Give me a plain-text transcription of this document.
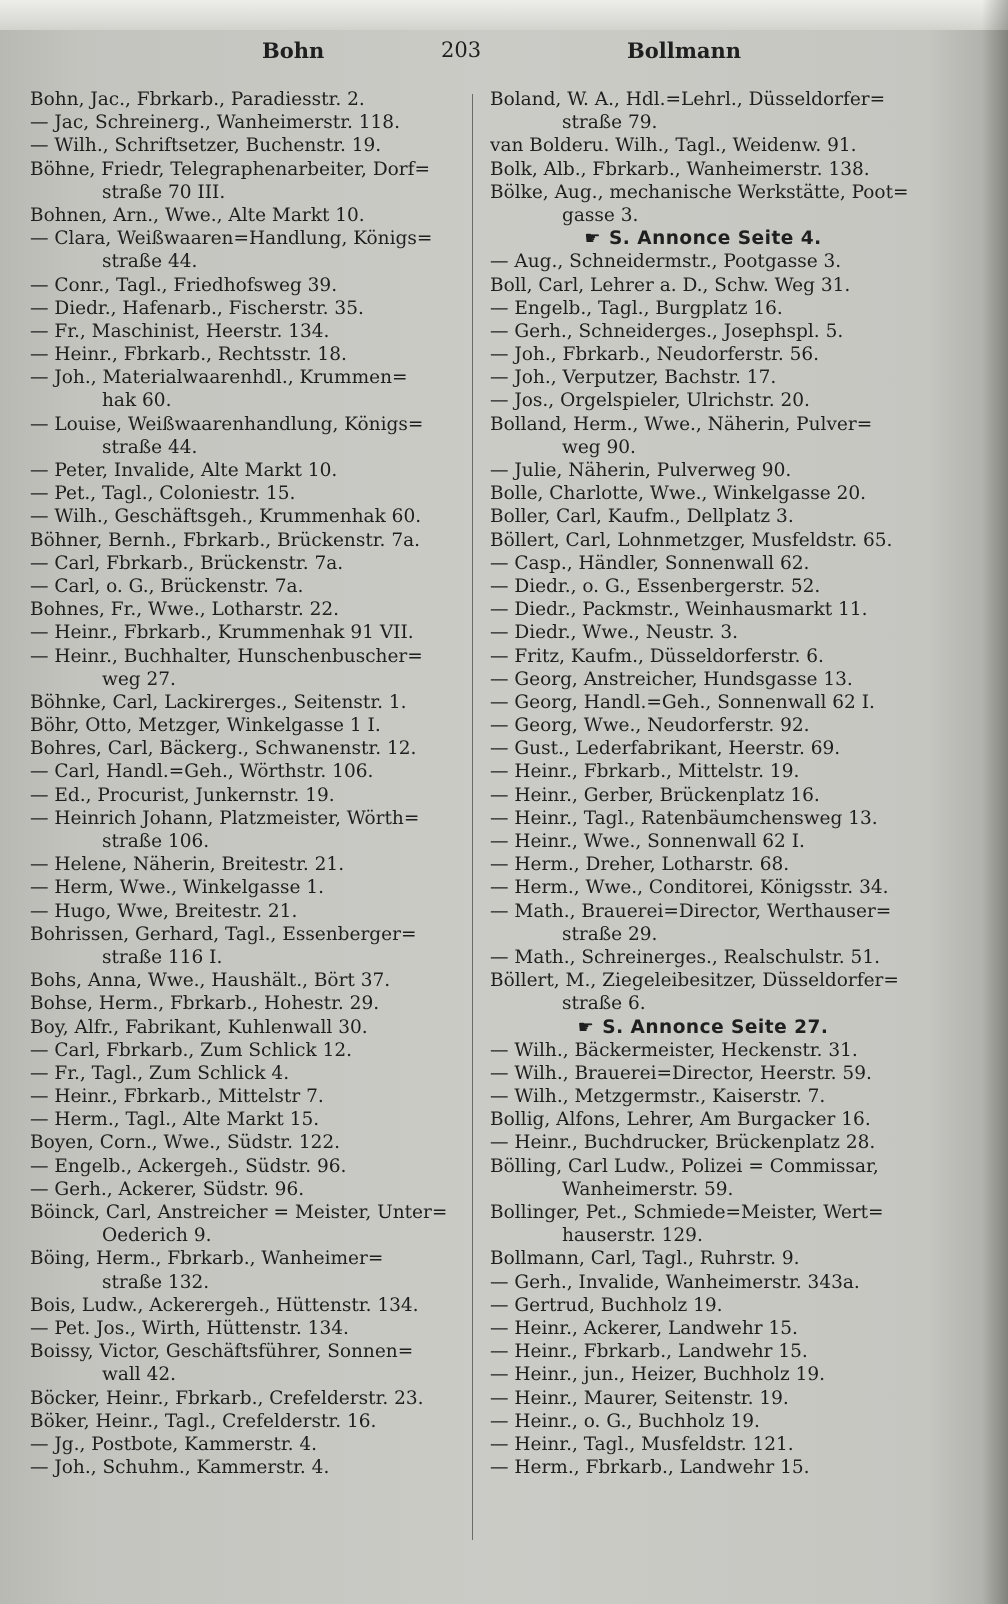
Bohn	203	Bollmann
Bohn, Jac., Fbrkarb., Paradiesstr. 2.
— Jac, Schreinerg., Wanheimerstr. 118.
— Wilh., Schriftsetzer, Buchenstr. 19.
Böhne, Friedr, Telegraphenarbeiter, Dorf=
straße 70 III.
Bohnen, Arn., Wwe., Alte Markt 10.
— Clara, Weißwaaren=Handlung, Königs=
straße 44.
— Conr., Tagl., Friedhofsweg 39.
— Diedr., Hafenarb., Fischerstr. 35.
— Fr., Maschinist, Heerstr. 134.
— Heinr., Fbrkarb., Rechtsstr. 18.
— Joh., Materialwaarenhdl., Krummen=
hak 60.
— Louise, Weißwaarenhandlung, Königs=
straße 44.
— Peter, Invalide, Alte Markt 10.
— Pet., Tagl., Coloniestr. 15.
— Wilh., Geschäftsgeh., Krummenhak 60.
Böhner, Bernh., Fbrkarb., Brückenstr. 7a.
— Carl, Fbrkarb., Brückenstr. 7a.
— Carl, o. G., Brückenstr. 7a.
Bohnes, Fr., Wwe., Lotharstr. 22.
— Heinr., Fbrkarb., Krummenhak 91 VII.
— Heinr., Buchhalter, Hunschenbuscher=
weg 27.
Böhnke, Carl, Lackirerges., Seitenstr. 1.
Böhr, Otto, Metzger, Winkelgasse 1 I.
Bohres, Carl, Bäckerg., Schwanenstr. 12.
— Carl, Handl.=Geh., Wörthstr. 106.
— Ed., Procurist, Junkernstr. 19.
— Heinrich Johann, Platzmeister, Wörth=
straße 106.
— Helene, Näherin, Breitestr. 21.
— Herm, Wwe., Winkelgasse 1.
— Hugo, Wwe, Breitestr. 21.
Bohrissen, Gerhard, Tagl., Essenberger=
straße 116 I.
Bohs, Anna, Wwe., Haushält., Bört 37.
Bohse, Herm., Fbrkarb., Hohestr. 29.
Boy, Alfr., Fabrikant, Kuhlenwall 30.
— Carl, Fbrkarb., Zum Schlick 12.
— Fr., Tagl., Zum Schlick 4.
— Heinr., Fbrkarb., Mittelstr 7.
— Herm., Tagl., Alte Markt 15.
Boyen, Corn., Wwe., Südstr. 122.
— Engelb., Ackergeh., Südstr. 96.
— Gerh., Ackerer, Südstr. 96.
Böinck, Carl, Anstreicher = Meister, Unter=
Oederich 9.
Böing, Herm., Fbrkarb., Wanheimer=
straße 132.
Bois, Ludw., Ackerergeh., Hüttenstr. 134.
— Pet. Jos., Wirth, Hüttenstr. 134.
Boissy, Victor, Geschäftsführer, Sonnen=
wall 42.
Böcker, Heinr., Fbrkarb., Crefelderstr. 23.
Böker, Heinr., Tagl., Crefelderstr. 16.
— Jg., Postbote, Kammerstr. 4.
— Joh., Schuhm., Kammerstr. 4.
Boland, W. A., Hdl.=Lehrl., Düsseldorfer=
straße 79.
van Bolderu. Wilh., Tagl., Weidenw. 91.
Bolk, Alb., Fbrkarb., Wanheimerstr. 138.
Bölke, Aug., mechanische Werkstätte, Poot=
gasse 3.
☛ S. Annonce Seite 4.
— Aug., Schneidermstr., Pootgasse 3.
Boll, Carl, Lehrer a. D., Schw. Weg 31.
— Engelb., Tagl., Burgplatz 16.
— Gerh., Schneiderges., Josephspl. 5.
— Joh., Fbrkarb., Neudorferstr. 56.
— Joh., Verputzer, Bachstr. 17.
— Jos., Orgelspieler, Ulrichstr. 20.
Bolland, Herm., Wwe., Näherin, Pulver=
weg 90.
— Julie, Näherin, Pulverweg 90.
Bolle, Charlotte, Wwe., Winkelgasse 20.
Boller, Carl, Kaufm., Dellplatz 3.
Böllert, Carl, Lohnmetzger, Musfeldstr. 65.
— Casp., Händler, Sonnenwall 62.
— Diedr., o. G., Essenbergerstr. 52.
— Diedr., Packmstr., Weinhausmarkt 11.
— Diedr., Wwe., Neustr. 3.
— Fritz, Kaufm., Düsseldorferstr. 6.
— Georg, Anstreicher, Hundsgasse 13.
— Georg, Handl.=Geh., Sonnenwall 62 I.
— Georg, Wwe., Neudorferstr. 92.
— Gust., Lederfabrikant, Heerstr. 69.
— Heinr., Fbrkarb., Mittelstr. 19.
— Heinr., Gerber, Brückenplatz 16.
— Heinr., Tagl., Ratenbäumchensweg 13.
— Heinr., Wwe., Sonnenwall 62 I.
— Herm., Dreher, Lotharstr. 68.
— Herm., Wwe., Conditorei, Königsstr. 34.
— Math., Brauerei=Director, Werthauser=
straße 29.
— Math., Schreinerges., Realschulstr. 51.
Böllert, M., Ziegeleibesitzer, Düsseldorfer=
straße 6.
☛ S. Annonce Seite 27.
— Wilh., Bäckermeister, Heckenstr. 31.
— Wilh., Brauerei=Director, Heerstr. 59.
— Wilh., Metzgermstr., Kaiserstr. 7.
Bollig, Alfons, Lehrer, Am Burgacker 16.
— Heinr., Buchdrucker, Brückenplatz 28.
Bölling, Carl Ludw., Polizei = Commissar,
Wanheimerstr. 59.
Bollinger, Pet., Schmiede=Meister, Wert=
hauserstr. 129.
Bollmann, Carl, Tagl., Ruhrstr. 9.
— Gerh., Invalide, Wanheimerstr. 343a.
— Gertrud, Buchholz 19.
— Heinr., Ackerer, Landwehr 15.
— Heinr., Fbrkarb., Landwehr 15.
— Heinr., jun., Heizer, Buchholz 19.
— Heinr., Maurer, Seitenstr. 19.
— Heinr., o. G., Buchholz 19.
— Heinr., Tagl., Musfeldstr. 121.
— Herm., Fbrkarb., Landwehr 15.
